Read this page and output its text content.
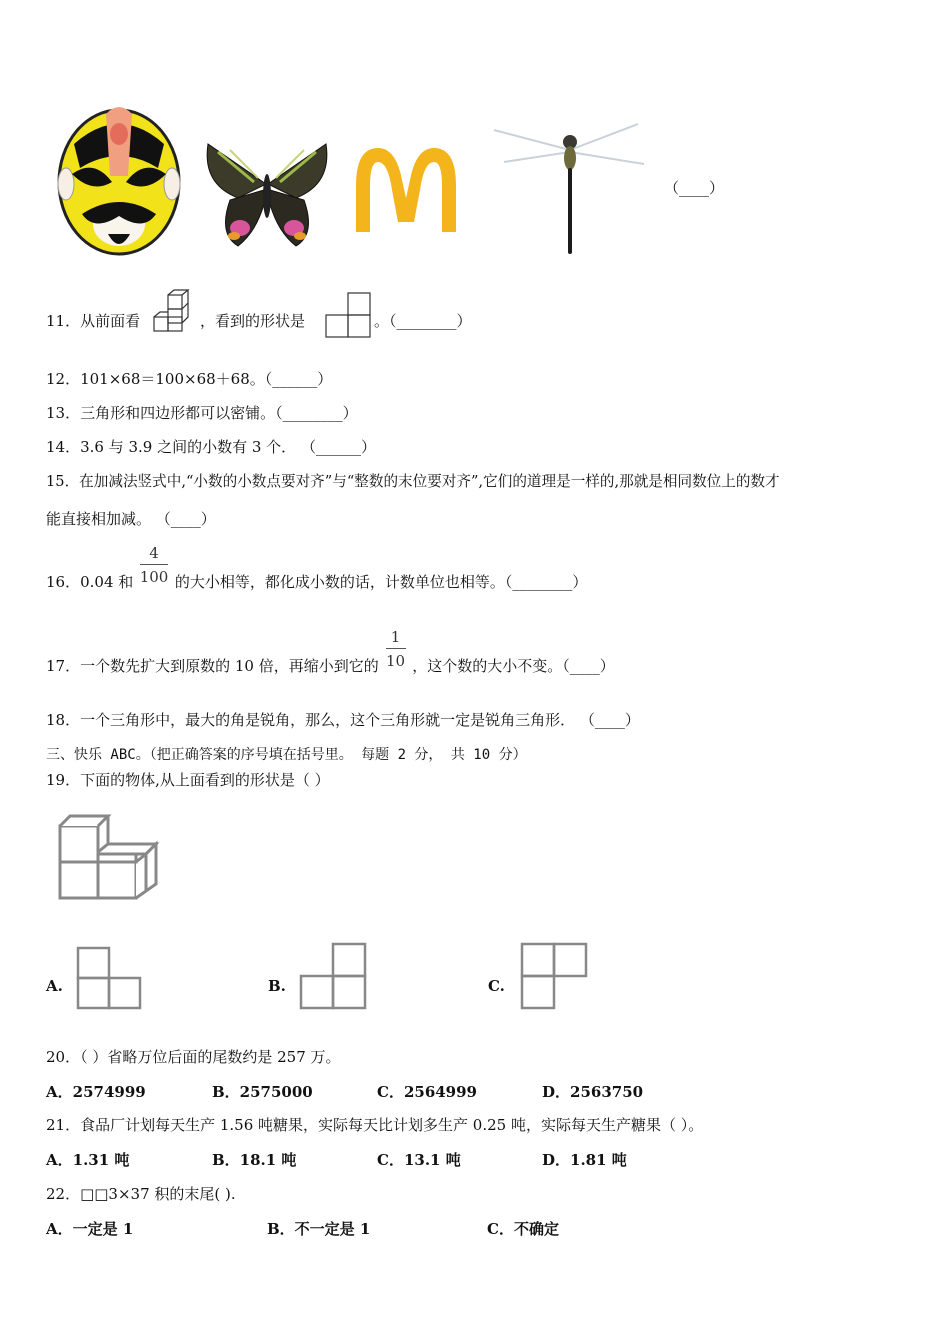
（____）
11．从前面看	，看到的形状是	。（________）
12．101×68＝100×68＋68。（______）
13．三角形和四边形都可以密铺。（________）
14．3.6 与 3.9 之间的小数有 3 个． （______）
15．在加减法竖式中,“小数的小数点要对齐”与“整数的末位要对齐”,它们的道理是一样的,那就是相同数位上的数才
能直接相加减。 （____）
16．0.04 和 $\frac{4}{100}$ 的大小相等，都化成小数的话，计数单位也相等。（________）
17．一个数先扩大到原数的 10 倍，再缩小到它的 $\frac{1}{10}$ ，这个数的大小不变。（____）
18．一个三角形中，最大的角是锐角，那么，这个三角形就一定是锐角三角形． （____）
三、快乐 ABC。（把正确答案的序号填在括号里。 每题 2 分， 共 10 分）
19．下面的物体,从上面看到的形状是（ ）
A.	B.	C.
20．（ ）省略万位后面的尾数约是 257 万。
A．2574999	B．2575000	C．2564999	D．2563750
21．食品厂计划每天生产 1.56 吨糖果，实际每天比计划多生产 0.25 吨，实际每天生产糖果（ ）。
A．1.31 吨	B．18.1 吨	C．13.1 吨	D．1.81 吨
22．□□3×37 积的末尾( ).
A．一定是 1	B．不一定是 1	C．不确定
